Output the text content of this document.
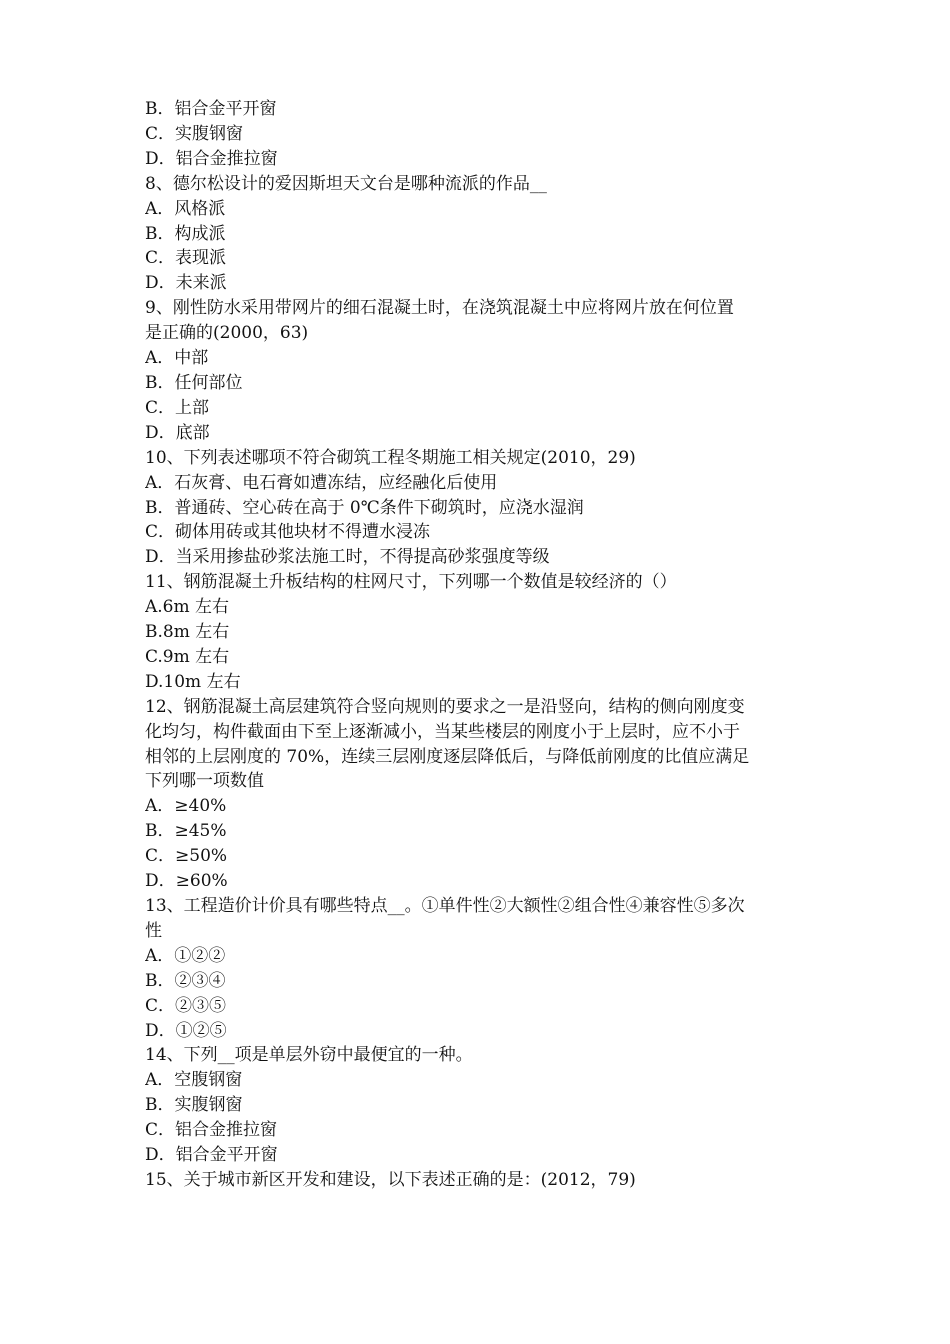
B．铝合金平开窗
C．实腹钢窗
D．铝合金推拉窗
8、德尔松设计的爱因斯坦天文台是哪种流派的作品__
A．风格派
B．构成派
C．表现派
D．未来派
9、刚性防水采用带网片的细石混凝土时，在浇筑混凝土中应将网片放在何位置
是正确的(2000，63)
A．中部
B．任何部位
C．上部
D．底部
10、下列表述哪项不符合砌筑工程冬期施工相关规定(2010，29)
A．石灰膏、电石膏如遭冻结，应经融化后使用
B．普通砖、空心砖在高于 0℃条件下砌筑时，应浇水湿润
C．砌体用砖或其他块材不得遭水浸冻
D．当采用掺盐砂浆法施工时，不得提高砂浆强度等级
11、钢筋混凝土升板结构的柱网尺寸，下列哪一个数值是较经济的（）
A.6m 左右
B.8m 左右
C.9m 左右
D.10m 左右
12、钢筋混凝土高层建筑符合竖向规则的要求之一是沿竖向，结构的侧向刚度变
化均匀，构件截面由下至上逐渐减小，当某些楼层的刚度小于上层时，应不小于
相邻的上层刚度的 70%，连续三层刚度逐层降低后，与降低前刚度的比值应满足
下列哪一项数值
A．≥40%
B．≥45%
C．≥50%
D．≥60%
13、工程造价计价具有哪些特点__。①单件性②大额性②组合性④兼容性⑤多次
性
A．①②②
B．②③④
C．②③⑤
D．①②⑤
14、下列__项是单层外窃中最便宜的一种。
A．空腹钢窗
B．实腹钢窗
C．铝合金推拉窗
D．铝合金平开窗
15、关于城市新区开发和建设，以下表述正确的是：(2012，79)
